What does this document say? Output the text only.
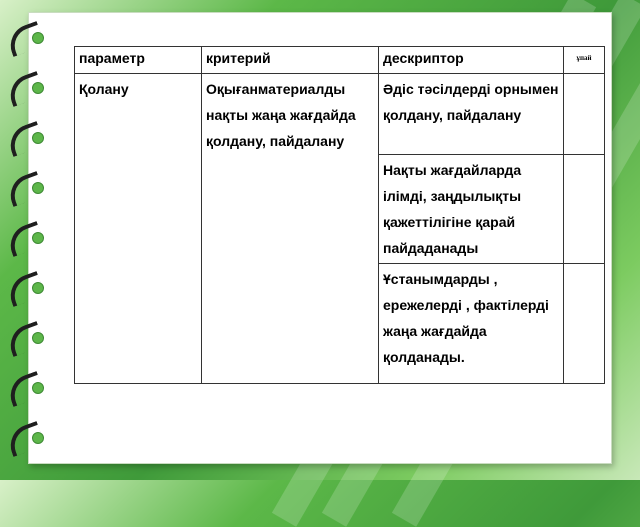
параметр	критерий	дескриптор	ұпай
Қолану	Оқығанматериалды нақты жаңа жағдайда қолдану, пайдалану	Әдіс тәсілдерді орнымен қолдану, пайдалану	
		Нақты жағдайларда ілімді, заңдылықты қажеттілігіне қарай пайдаданады	
		Ұстанымдарды , ережелерді , фактілерді жаңа жағдайда қолданады.	
